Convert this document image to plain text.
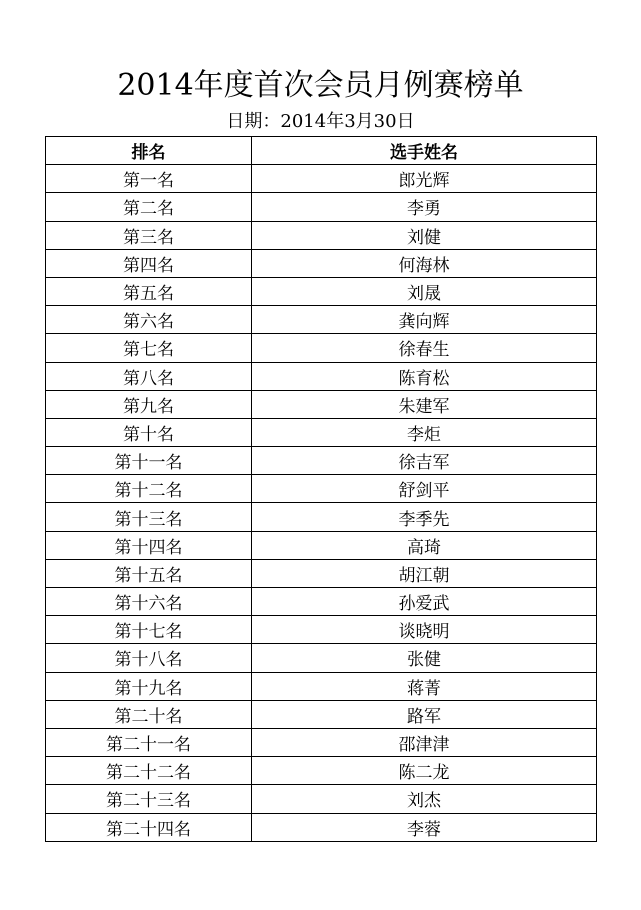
2014年度首次会员月例赛榜单
日期：2014年3月30日
排名	选手姓名
第一名	郎光辉
第二名	李勇
第三名	刘健
第四名	何海林
第五名	刘晟
第六名	龚向辉
第七名	徐春生
第八名	陈育松
第九名	朱建军
第十名	李炬
第十一名	徐吉军
第十二名	舒剑平
第十三名	李季先
第十四名	高琦
第十五名	胡江朝
第十六名	孙爱武
第十七名	谈晓明
第十八名	张健
第十九名	蒋菁
第二十名	路军
第二十一名	邵津津
第二十二名	陈二龙
第二十三名	刘杰
第二十四名	李蓉
